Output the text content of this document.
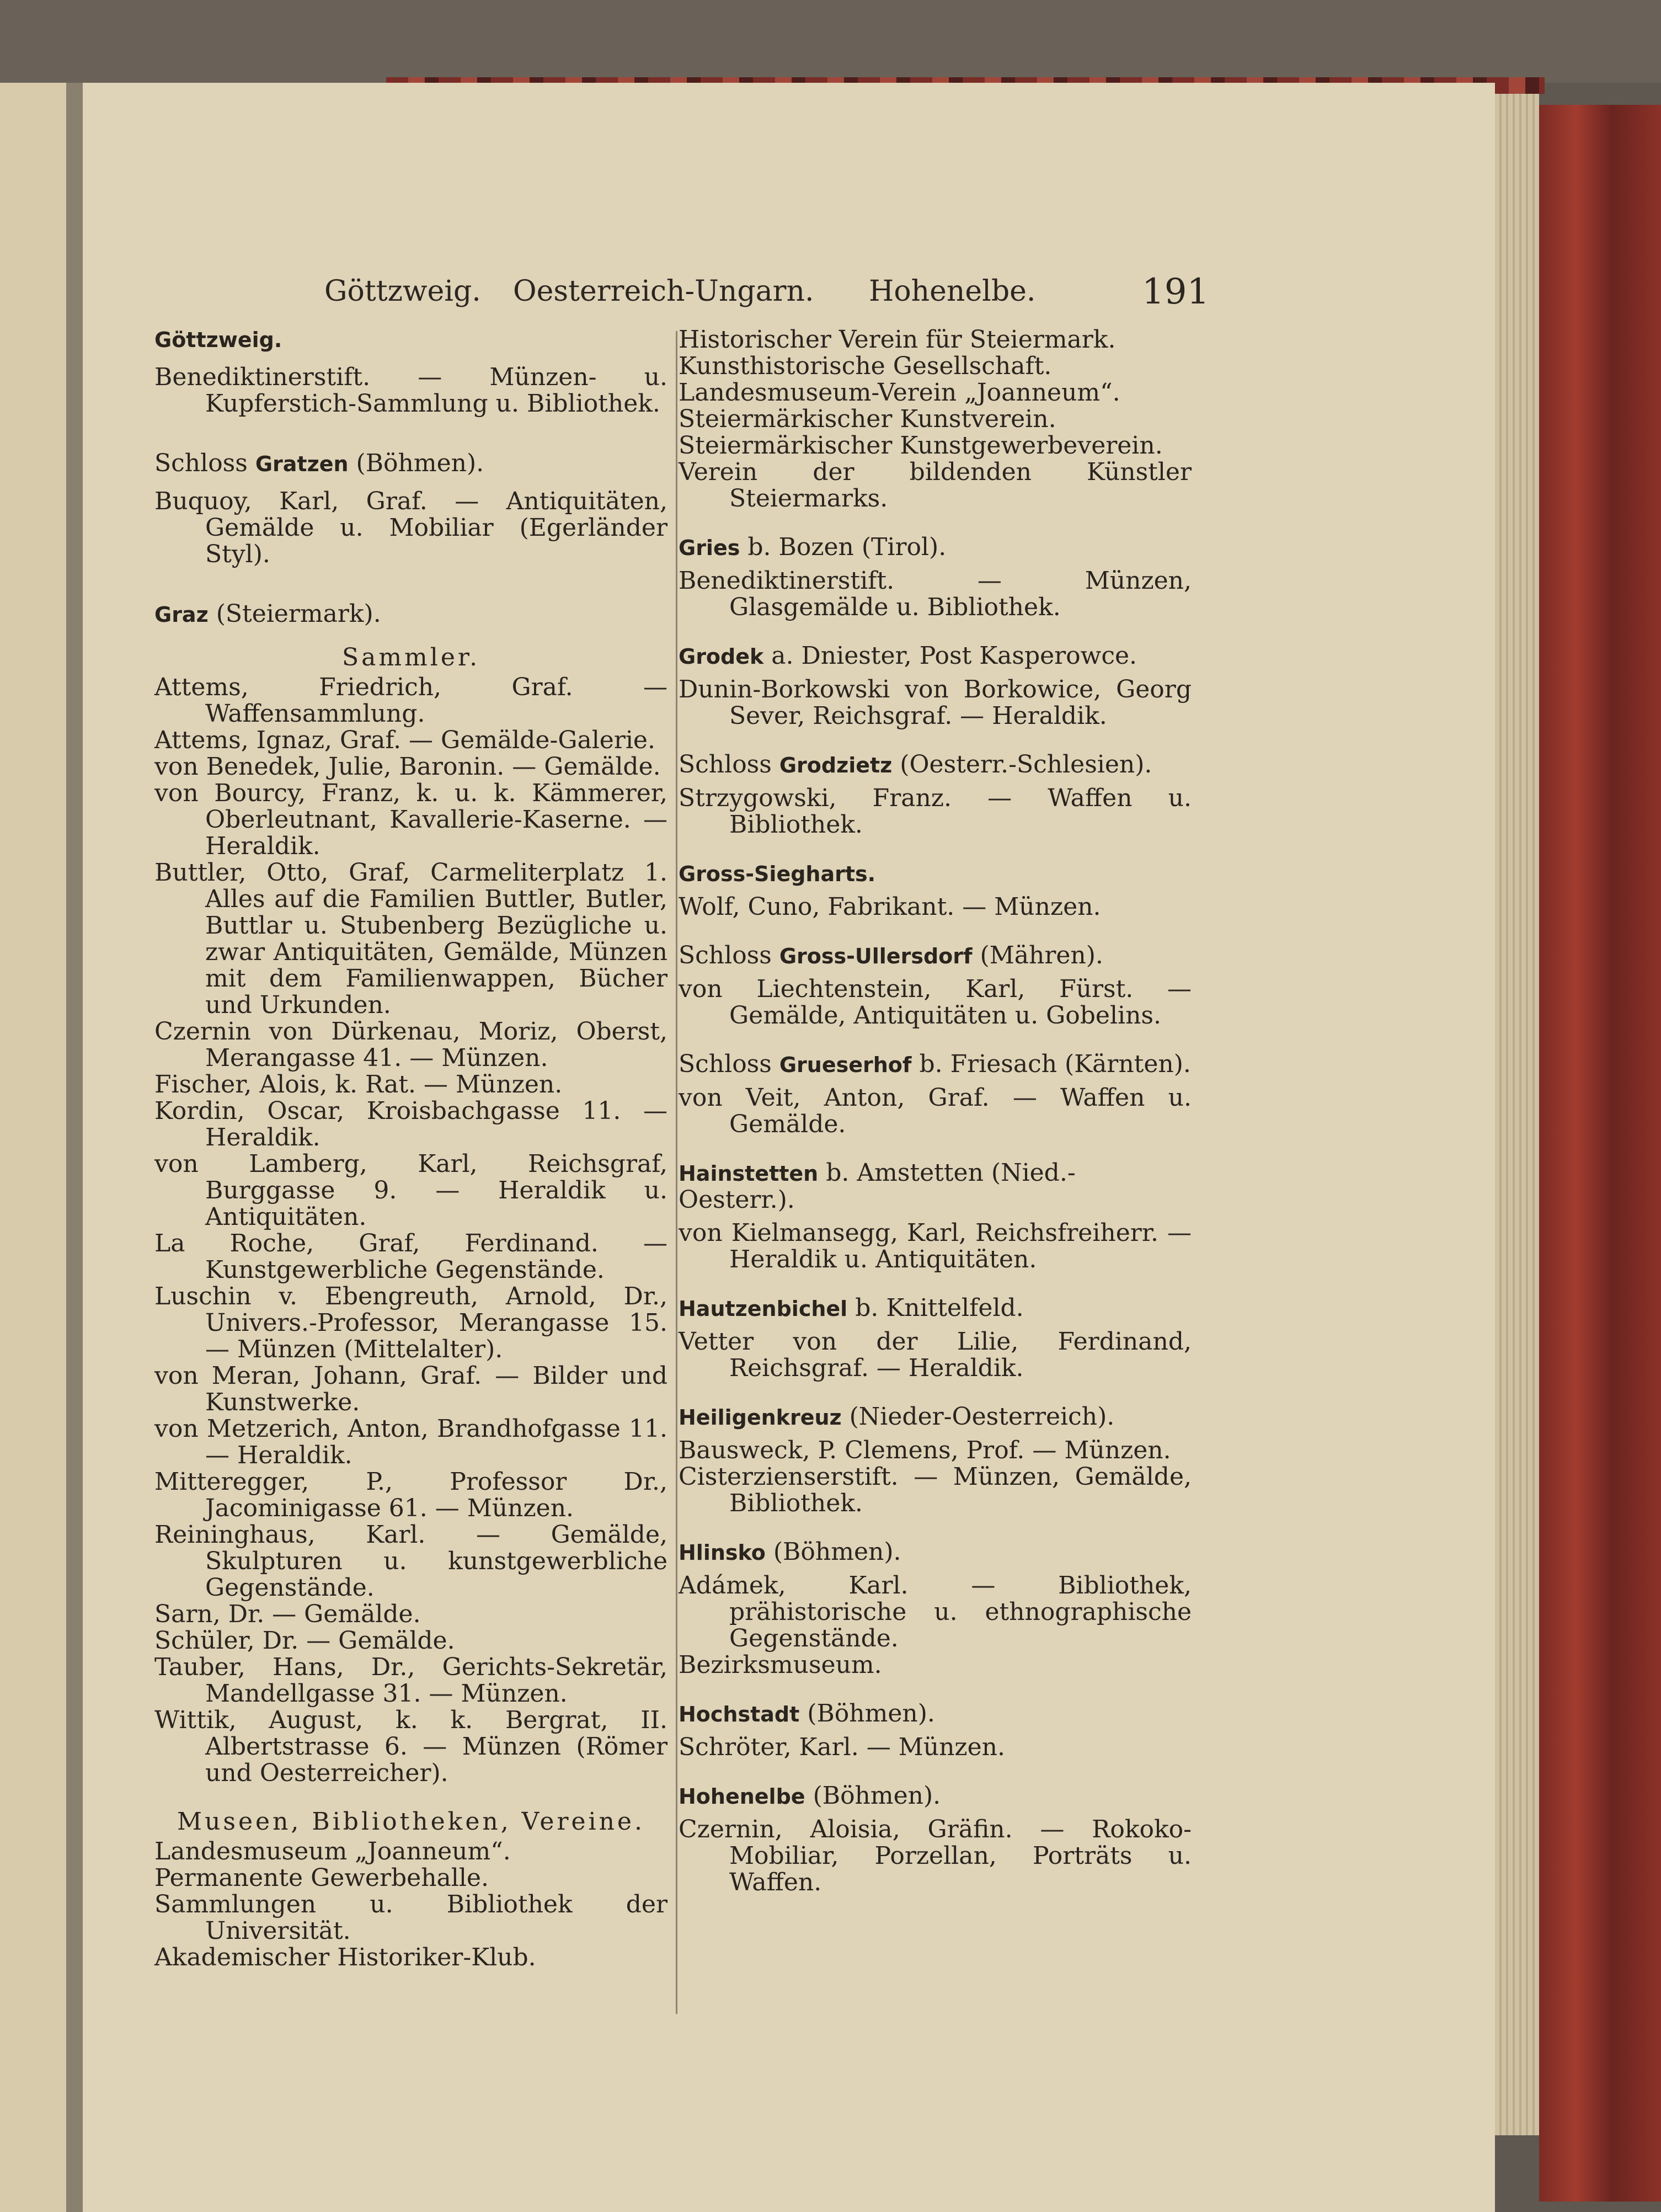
Göttzweig. Oesterreich-Ungarn. Hohenelbe.	191
Göttzweig.
Benediktinerstift. — Münzen- u. Kupferstich-Sammlung u. Bibliothek.
Schloss Gratzen (Böhmen).
Buquoy, Karl, Graf. — Antiquitäten, Gemälde u. Mobiliar (Egerländer Styl).
Graz (Steiermark).
Sammler.
Attems, Friedrich, Graf. — Waffensammlung.
Attems, Ignaz, Graf. — Gemälde-Galerie.
von Benedek, Julie, Baronin. — Gemälde.
von Bourcy, Franz, k. u. k. Kämmerer, Oberleutnant, Kavallerie-Kaserne. — Heraldik.
Buttler, Otto, Graf, Carmeliterplatz 1. Alles auf die Familien Buttler, Butler, Buttlar u. Stubenberg Bezügliche u. zwar Antiquitäten, Gemälde, Münzen mit dem Familienwappen, Bücher und Urkunden.
Czernin von Dürkenau, Moriz, Oberst, Merangasse 41. — Münzen.
Fischer, Alois, k. Rat. — Münzen.
Kordin, Oscar, Kroisbachgasse 11. — Heraldik.
von Lamberg, Karl, Reichsgraf, Burggasse 9. — Heraldik u. Antiquitäten.
La Roche, Graf, Ferdinand. — Kunstgewerbliche Gegenstände.
Luschin v. Ebengreuth, Arnold, Dr., Univers.-Professor, Merangasse 15. — Münzen (Mittelalter).
von Meran, Johann, Graf. — Bilder und Kunstwerke.
von Metzerich, Anton, Brandhofgasse 11. — Heraldik.
Mitteregger, P., Professor Dr., Jacominigasse 61. — Münzen.
Reininghaus, Karl. — Gemälde, Skulpturen u. kunstgewerbliche Gegenstände.
Sarn, Dr. — Gemälde.
Schüler, Dr. — Gemälde.
Tauber, Hans, Dr., Gerichts-Sekretär, Mandellgasse 31. — Münzen.
Wittik, August, k. k. Bergrat, II. Albertstrasse 6. — Münzen (Römer und Oesterreicher).
Museen, Bibliotheken, Vereine.
Landesmuseum „Joanneum“.
Permanente Gewerbehalle.
Sammlungen u. Bibliothek der Universität.
Akademischer Historiker-Klub.
Historischer Verein für Steiermark.
Kunsthistorische Gesellschaft.
Landesmuseum-Verein „Joanneum“.
Steiermärkischer Kunstverein.
Steiermärkischer Kunstgewerbeverein.
Verein der bildenden Künstler Steiermarks.
Gries b. Bozen (Tirol).
Benediktinerstift. — Münzen, Glasgemälde u. Bibliothek.
Grodek a. Dniester, Post Kasperowce.
Dunin-Borkowski von Borkowice, Georg Sever, Reichsgraf. — Heraldik.
Schloss Grodzietz (Oesterr.-Schlesien).
Strzygowski, Franz. — Waffen u. Bibliothek.
Gross-Siegharts.
Wolf, Cuno, Fabrikant. — Münzen.
Schloss Gross-Ullersdorf (Mähren).
von Liechtenstein, Karl, Fürst. — Gemälde, Antiquitäten u. Gobelins.
Schloss Grueserhof b. Friesach (Kärnten).
von Veit, Anton, Graf. — Waffen u. Gemälde.
Hainstetten b. Amstetten (Nied.-Oesterr.).
von Kielmansegg, Karl, Reichsfreiherr. — Heraldik u. Antiquitäten.
Hautzenbichel b. Knittelfeld.
Vetter von der Lilie, Ferdinand, Reichsgraf. — Heraldik.
Heiligenkreuz (Nieder-Oesterreich).
Bausweck, P. Clemens, Prof. — Münzen.
Cisterzienserstift. — Münzen, Gemälde, Bibliothek.
Hlinsko (Böhmen).
Adámek, Karl. — Bibliothek, prähistorische u. ethnographische Gegenstände.
Bezirksmuseum.
Hochstadt (Böhmen).
Schröter, Karl. — Münzen.
Hohenelbe (Böhmen).
Czernin, Aloisia, Gräfin. — Rokoko-Mobiliar, Porzellan, Porträts u. Waffen.
